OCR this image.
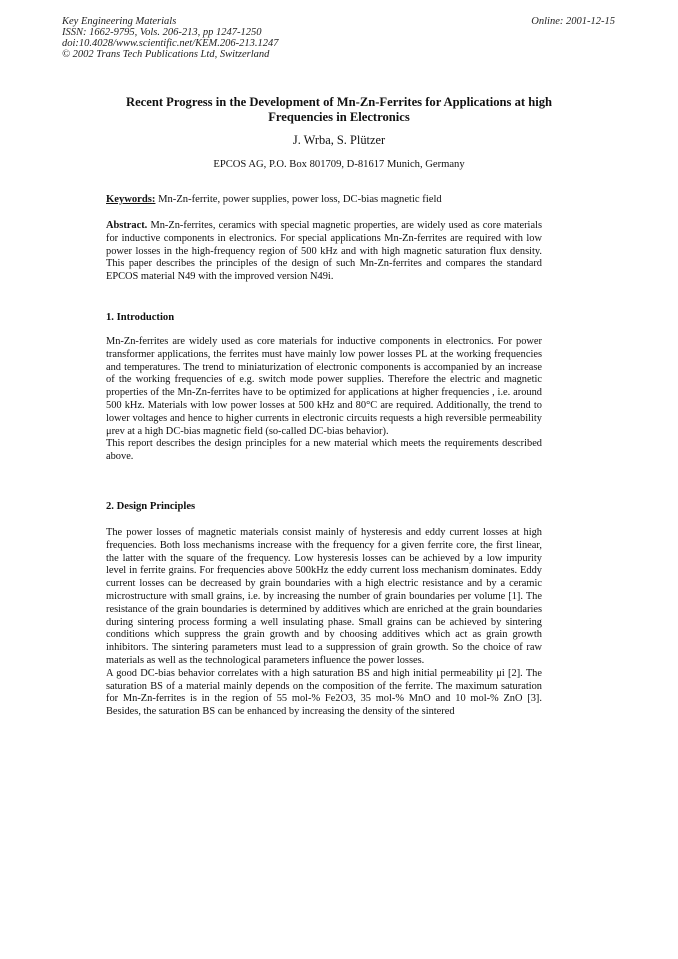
Key Engineering Materials
ISSN: 1662-9795, Vols. 206-213, pp 1247-1250
doi:10.4028/www.scientific.net/KEM.206-213.1247
© 2002 Trans Tech Publications Ltd, Switzerland
Online: 2001-12-15
Recent Progress in the Development of Mn-Zn-Ferrites for Applications at high Frequencies in Electronics
J. Wrba, S. Plützer
EPCOS AG, P.O. Box 801709, D-81617 Munich, Germany
Keywords: Mn-Zn-ferrite, power supplies, power loss, DC-bias magnetic field
Abstract. Mn-Zn-ferrites, ceramics with special magnetic properties, are widely used as core materials for inductive components in electronics. For special applications Mn-Zn-ferrites are required with low power losses in the high-frequency region of 500 kHz and with high magnetic saturation flux density. This paper describes the principles of the design of such Mn-Zn-ferrites and compares the standard EPCOS material N49 with the improved version N49i.
1. Introduction

Mn-Zn-ferrites are widely used as core materials for inductive components in electronics. For power transformer applications, the ferrites must have mainly low power losses PL at the working frequencies and temperatures. The trend to miniaturization of electronic components is accompanied by an increase of the working frequencies of e.g. switch mode power supplies. Therefore the electric and magnetic properties of the Mn-Zn-ferrites have to be optimized for applications at higher frequencies , i.e. around 500 kHz. Materials with low power losses at 500 kHz and 80°C are required. Additionally, the trend to lower voltages and hence to higher currents in electronic circuits requests a high reversible permeability μrev at a high DC-bias magnetic field (so-called DC-bias behavior).

This report describes the design principles for a new material which meets the requirements described above.

2. Design Principles

The power losses of magnetic materials consist mainly of hysteresis and eddy current losses at high frequencies. Both loss mechanisms increase with the frequency for a given ferrite core, the first linear, the latter with the square of the frequency. Low hysteresis losses can be achieved by a low impurity level in ferrite grains. For frequencies above 500kHz the eddy current loss mechanism dominates. Eddy current losses can be decreased by grain boundaries with a high electric resistance and by a ceramic microstructure with small grains, i.e. by increasing the number of grain boundaries per volume [1]. The resistance of the grain boundaries is determined by additives which are enriched at the grain boundaries during sintering process forming a well insulating phase. Small grains can be achieved by sintering conditions which suppress the grain growth and by choosing additives which act as grain growth inhibitors. The sintering parameters must lead to a suppression of grain growth. So the choice of raw materials as well as the technological parameters influence the power losses.

A good DC-bias behavior correlates with a high saturation BS and high initial permeability μi [2]. The saturation BS of a material mainly depends on the composition of the ferrite. The maximum saturation for Mn-Zn-ferrites is in the region of 55 mol-% Fe2O3, 35 mol-% MnO and 10 mol-% ZnO [3]. Besides, the saturation BS can be enhanced by increasing the density of the sintered
